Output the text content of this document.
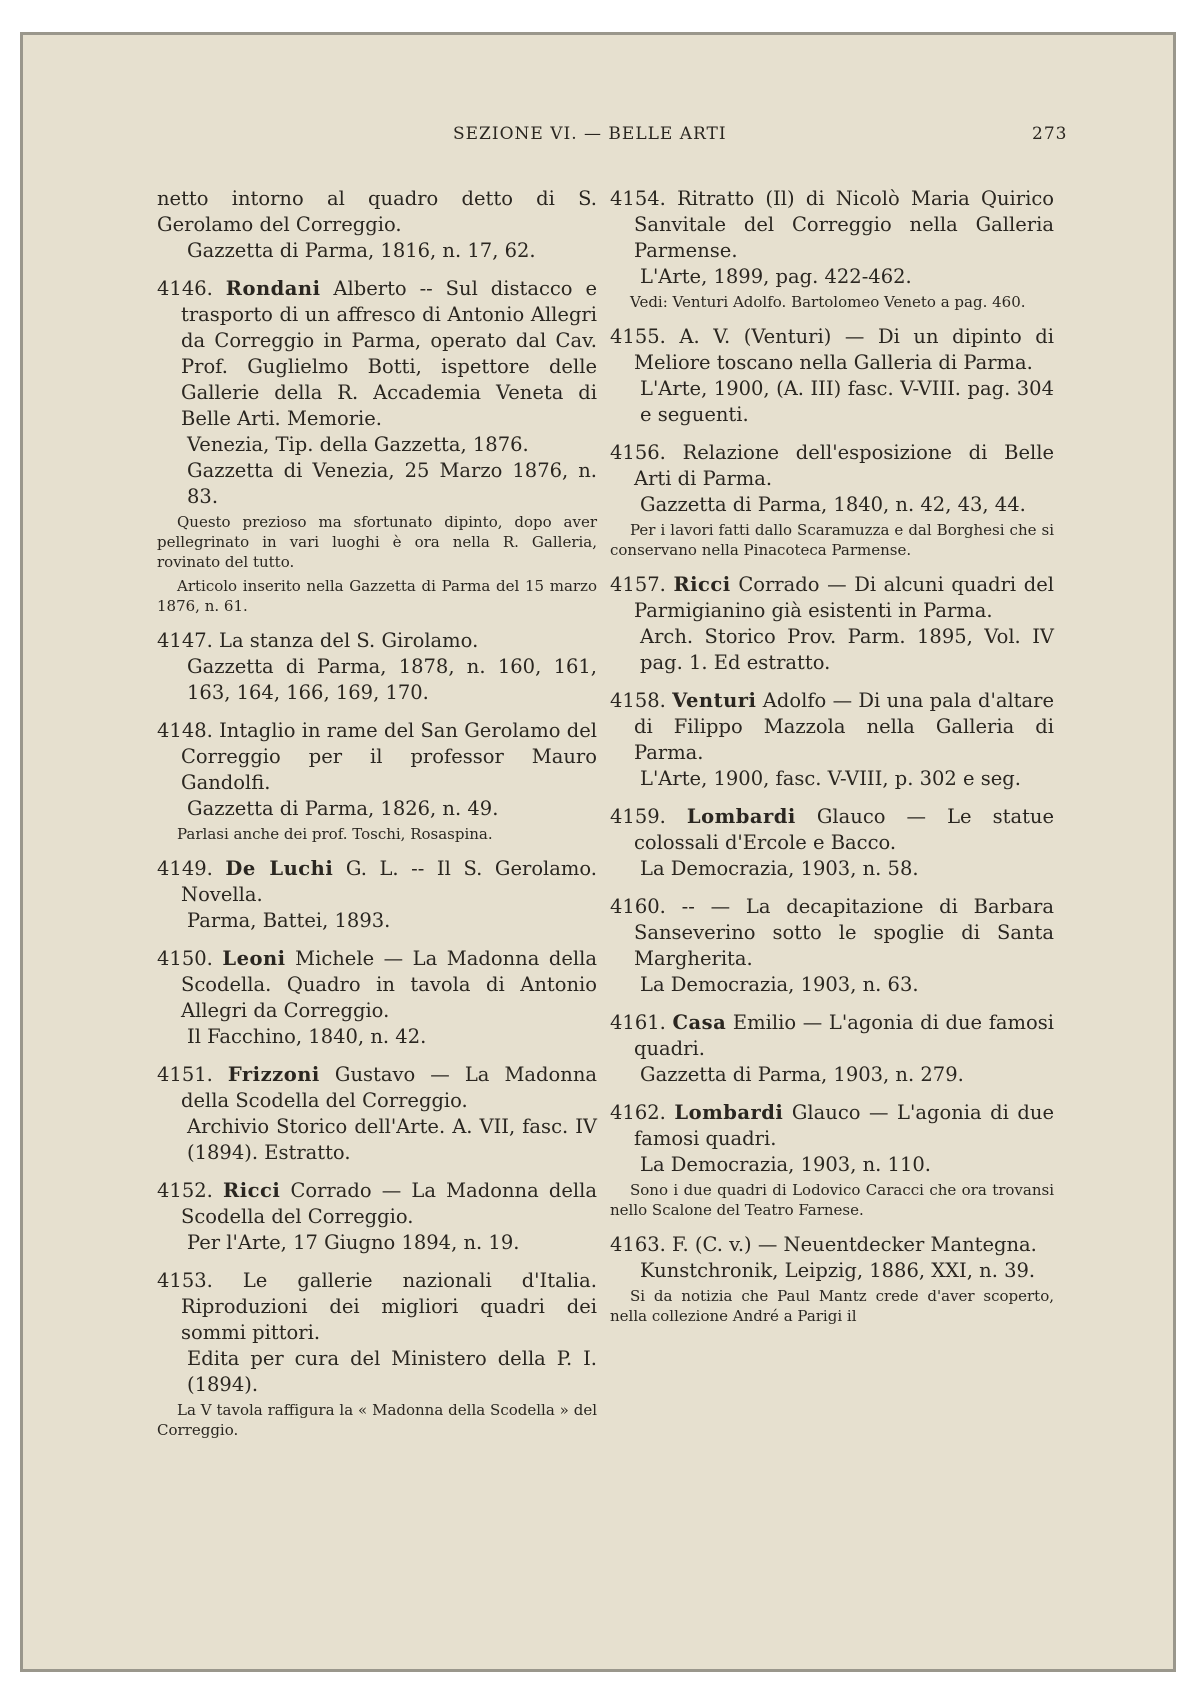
SEZIONE VI. — BELLE ARTI	273
netto intorno al quadro detto di S. Gerolamo del Correggio.
Gazzetta di Parma, 1816, n. 17, 62.
4146. Rondani Alberto -- Sul distacco e trasporto di un affresco di Antonio Allegri da Correggio in Parma, operato dal Cav. Prof. Guglielmo Botti, ispettore delle Gallerie della R. Accademia Veneta di Belle Arti. Memorie.
Venezia, Tip. della Gazzetta, 1876.
Gazzetta di Venezia, 25 Marzo 1876, n. 83.
Questo prezioso ma sfortunato dipinto, dopo aver pellegrinato in vari luoghi è ora nella R. Galleria, rovinato del tutto.
Articolo inserito nella Gazzetta di Parma del 15 marzo 1876, n. 61.
4147. La stanza del S. Girolamo.
Gazzetta di Parma, 1878, n. 160, 161, 163, 164, 166, 169, 170.
4148. Intaglio in rame del San Gerolamo del Correggio per il professor Mauro Gandolfi.
Gazzetta di Parma, 1826, n. 49.
Parlasi anche dei prof. Toschi, Rosaspina.
4149. De Luchi G. L. -- Il S. Gerolamo. Novella.
Parma, Battei, 1893.
4150. Leoni Michele — La Madonna della Scodella. Quadro in tavola di Antonio Allegri da Correggio.
Il Facchino, 1840, n. 42.
4151. Frizzoni Gustavo — La Madonna della Scodella del Correggio.
Archivio Storico dell'Arte. A. VII, fasc. IV (1894). Estratto.
4152. Ricci Corrado — La Madonna della Scodella del Correggio.
Per l'Arte, 17 Giugno 1894, n. 19.
4153. Le gallerie nazionali d'Italia. Riproduzioni dei migliori quadri dei sommi pittori.
Edita per cura del Ministero della P. I. (1894).
La V tavola raffigura la « Madonna della Scodella » del Correggio.
4154. Ritratto (Il) di Nicolò Maria Quirico Sanvitale del Correggio nella Galleria Parmense.
L'Arte, 1899, pag. 422-462.
Vedi: Venturi Adolfo. Bartolomeo Veneto a pag. 460.
4155. A. V. (Venturi) — Di un dipinto di Meliore toscano nella Galleria di Parma.
L'Arte, 1900, (A. III) fasc. V-VIII. pag. 304 e seguenti.
4156. Relazione dell'esposizione di Belle Arti di Parma.
Gazzetta di Parma, 1840, n. 42, 43, 44.
Per i lavori fatti dallo Scaramuzza e dal Borghesi che si conservano nella Pinacoteca Parmense.
4157. Ricci Corrado — Di alcuni quadri del Parmigianino già esistenti in Parma.
Arch. Storico Prov. Parm. 1895, Vol. IV pag. 1. Ed estratto.
4158. Venturi Adolfo — Di una pala d'altare di Filippo Mazzola nella Galleria di Parma.
L'Arte, 1900, fasc. V-VIII, p. 302 e seg.
4159. Lombardi Glauco — Le statue colossali d'Ercole e Bacco.
La Democrazia, 1903, n. 58.
4160. -- — La decapitazione di Barbara Sanseverino sotto le spoglie di Santa Margherita.
La Democrazia, 1903, n. 63.
4161. Casa Emilio — L'agonia di due famosi quadri.
Gazzetta di Parma, 1903, n. 279.
4162. Lombardi Glauco — L'agonia di due famosi quadri.
La Democrazia, 1903, n. 110.
Sono i due quadri di Lodovico Caracci che ora trovansi nello Scalone del Teatro Farnese.
4163. F. (C. v.) — Neuentdecker Mantegna.
Kunstchronik, Leipzig, 1886, XXI, n. 39.
Si da notizia che Paul Mantz crede d'aver scoperto, nella collezione André a Parigi il
